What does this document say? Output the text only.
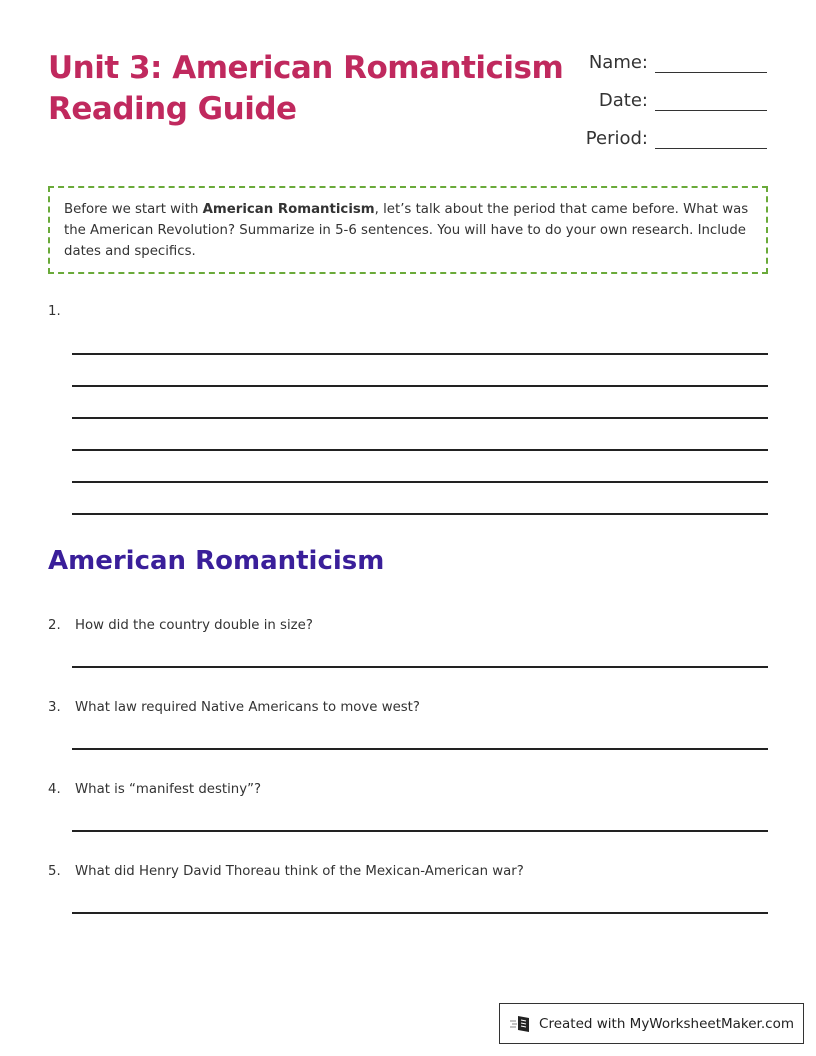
Unit 3: American Romanticism
Reading Guide
Name:
Date:
Period:

Before we start with American Romanticism, let’s talk about the period that came before. What was the American Revolution? Summarize in 5-6 sentences. You will have to do your own research. Include dates and specifics.

1.
American Romanticism
2. How did the country double in size?
3. What law required Native Americans to move west?
4. What is “manifest destiny”?
5. What did Henry David Thoreau think of the Mexican-American war?
Created with MyWorksheetMaker.com
